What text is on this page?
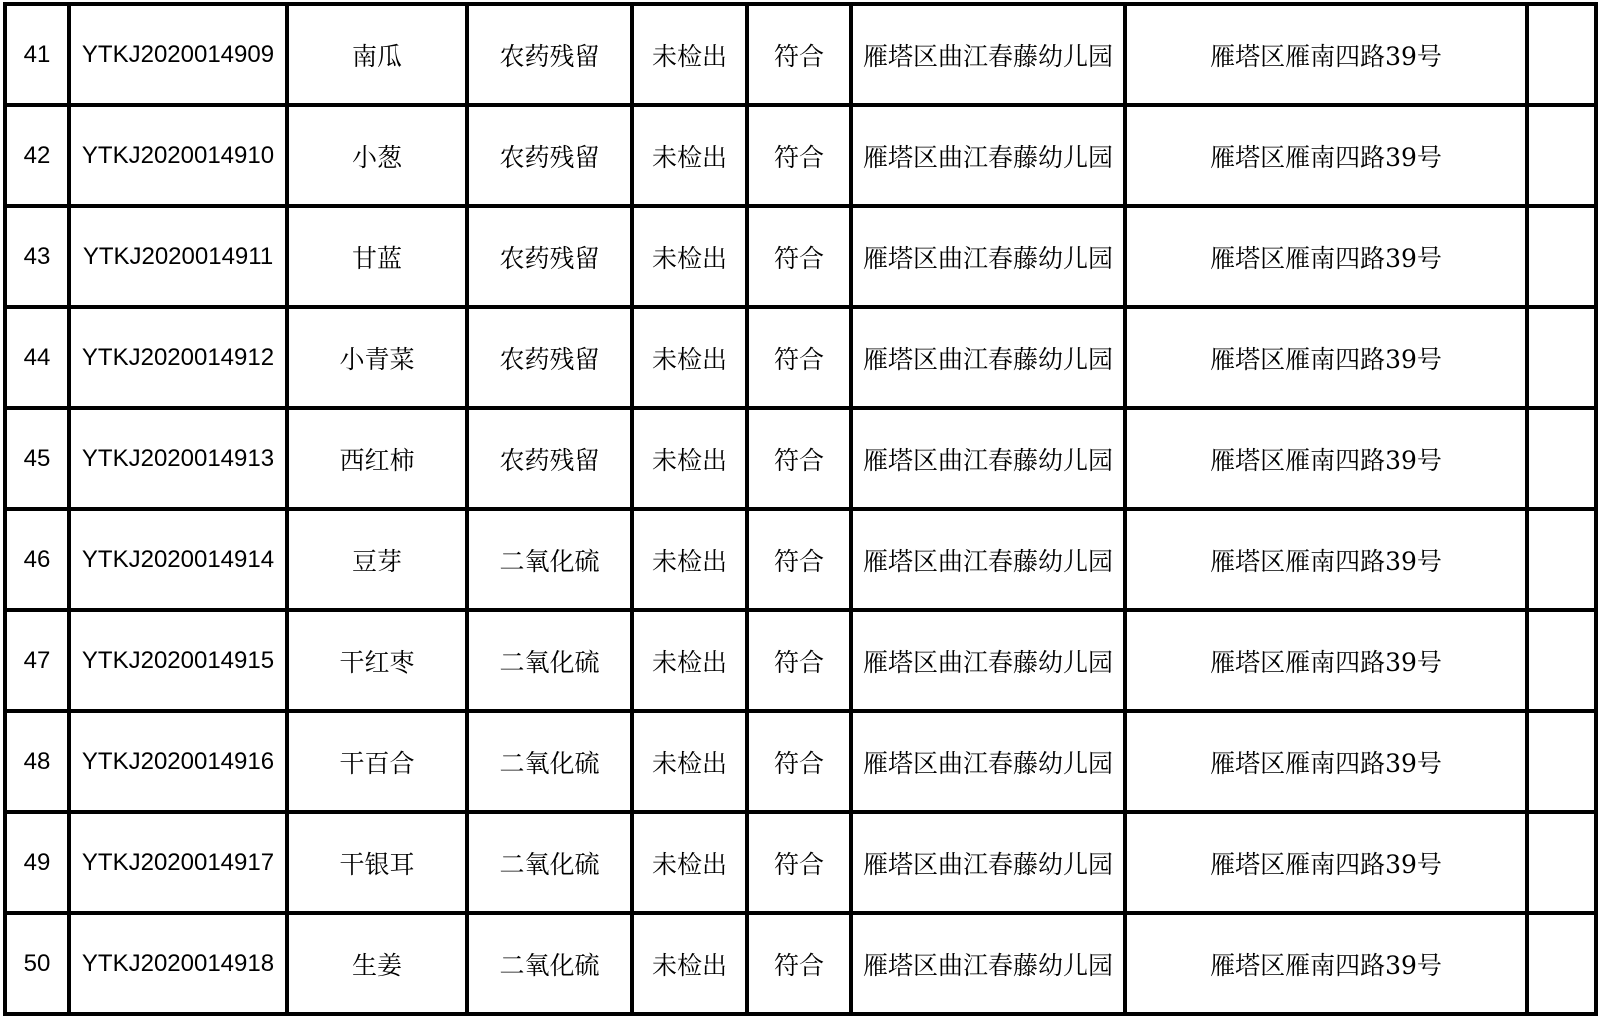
41	YTKJ2020014909	南瓜	农药残留	未检出	符合	雁塔区曲江春藤幼儿园	雁塔区雁南四路39号	
42	YTKJ2020014910	小葱	农药残留	未检出	符合	雁塔区曲江春藤幼儿园	雁塔区雁南四路39号	
43	YTKJ2020014911	甘蓝	农药残留	未检出	符合	雁塔区曲江春藤幼儿园	雁塔区雁南四路39号	
44	YTKJ2020014912	小青菜	农药残留	未检出	符合	雁塔区曲江春藤幼儿园	雁塔区雁南四路39号	
45	YTKJ2020014913	西红柿	农药残留	未检出	符合	雁塔区曲江春藤幼儿园	雁塔区雁南四路39号	
46	YTKJ2020014914	豆芽	二氧化硫	未检出	符合	雁塔区曲江春藤幼儿园	雁塔区雁南四路39号	
47	YTKJ2020014915	干红枣	二氧化硫	未检出	符合	雁塔区曲江春藤幼儿园	雁塔区雁南四路39号	
48	YTKJ2020014916	干百合	二氧化硫	未检出	符合	雁塔区曲江春藤幼儿园	雁塔区雁南四路39号	
49	YTKJ2020014917	干银耳	二氧化硫	未检出	符合	雁塔区曲江春藤幼儿园	雁塔区雁南四路39号	
50	YTKJ2020014918	生姜	二氧化硫	未检出	符合	雁塔区曲江春藤幼儿园	雁塔区雁南四路39号	
